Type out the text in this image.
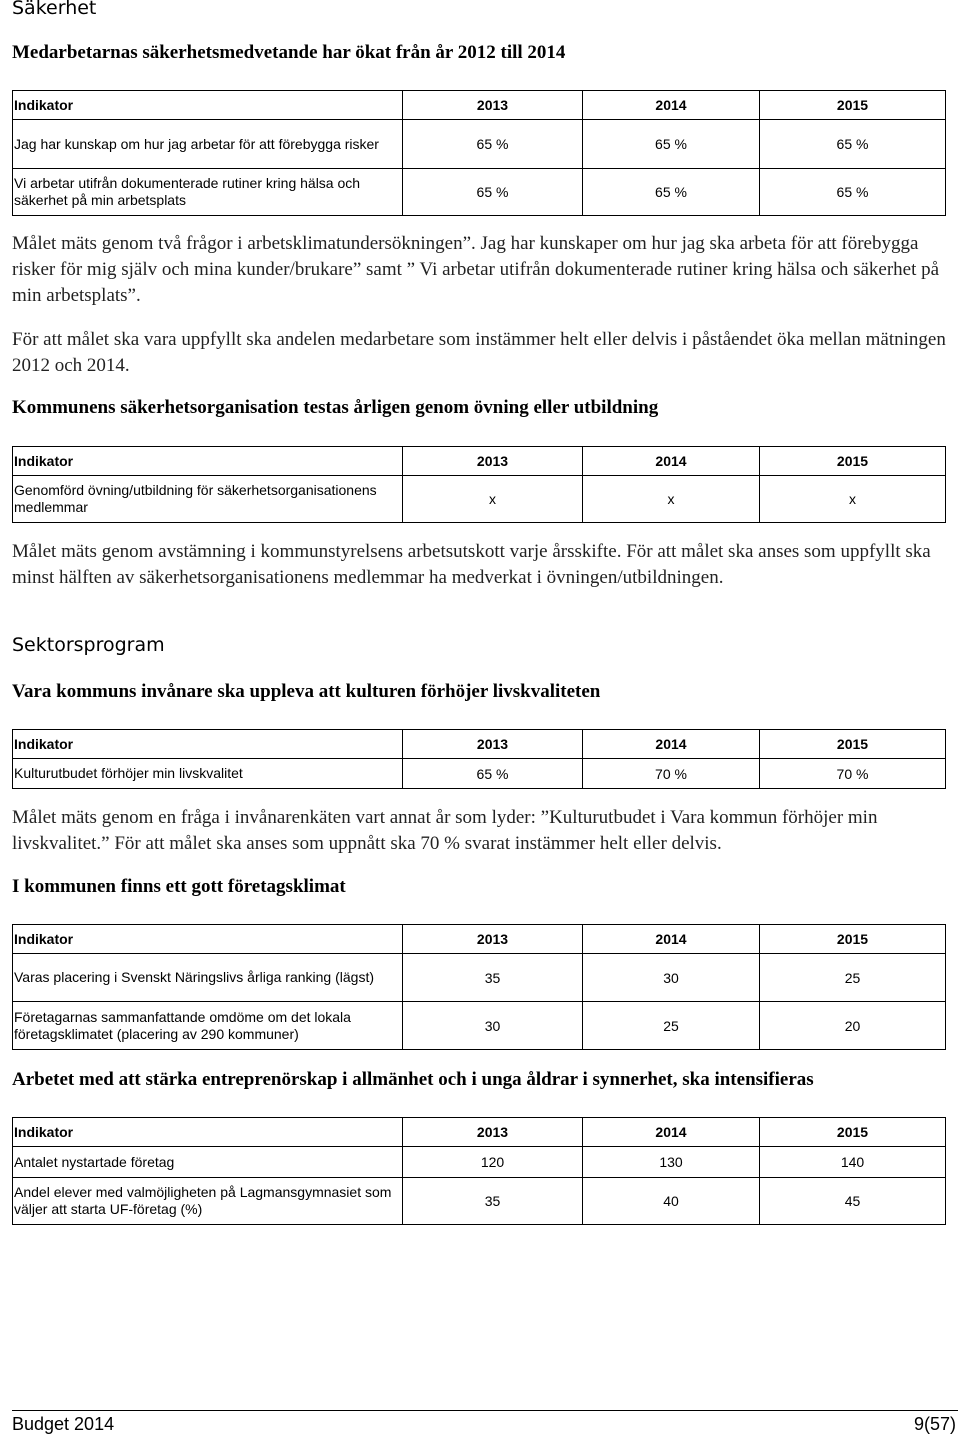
Säkerhet
Medarbetarnas säkerhetsmedvetande har ökat från år 2012 till 2014
Indikator	2013	2014	2015
Jag har kunskap om hur jag arbetar för att förebygga risker	65 %	65 %	65 %
Vi arbetar utifrån dokumenterade rutiner kring hälsa och säkerhet på min arbetsplats	65 %	65 %	65 %
Målet mäts genom två frågor i arbetsklimatundersökningen”. Jag har kunskaper om hur jag ska arbeta för att förebygga risker för mig själv och mina kunder/brukare” samt ” Vi arbetar utifrån dokumenterade rutiner kring hälsa och säkerhet på min arbetsplats”.
För att målet ska vara uppfyllt ska andelen medarbetare som instämmer helt eller delvis i påståendet öka mellan mätningen 2012 och 2014.
Kommunens säkerhetsorganisation testas årligen genom övning eller utbildning
Indikator	2013	2014	2015
Genomförd övning/utbildning för säkerhetsorganisationens medlemmar	x	x	x
Målet mäts genom avstämning i kommunstyrelsens arbetsutskott varje årsskifte. För att målet ska anses som uppfyllt ska minst hälften av säkerhetsorganisationens medlemmar ha medverkat i övningen/utbildningen.
Sektorsprogram
Vara kommuns invånare ska uppleva att kulturen förhöjer livskvaliteten
Indikator	2013	2014	2015
Kulturutbudet förhöjer min livskvalitet	65 %	70 %	70 %
Målet mäts genom en fråga i invånarenkäten vart annat år som lyder: ”Kulturutbudet i Vara kommun förhöjer min livskvalitet.” För att målet ska anses som uppnått ska 70 % svarat instämmer helt eller delvis.
I kommunen finns ett gott företagsklimat
Indikator	2013	2014	2015
Varas placering i Svenskt Näringslivs årliga ranking (lägst)	35	30	25
Företagarnas sammanfattande omdöme om det lokala företagsklimatet (placering av 290 kommuner)	30	25	20
Arbetet med att stärka entreprenörskap i allmänhet och i unga åldrar i synnerhet, ska intensifieras
Indikator	2013	2014	2015
Antalet nystartade företag	120	130	140
Andel elever med valmöjligheten på Lagmansgymnasiet som väljer att starta UF-företag (%)	35	40	45
Budget 2014	9(57)
